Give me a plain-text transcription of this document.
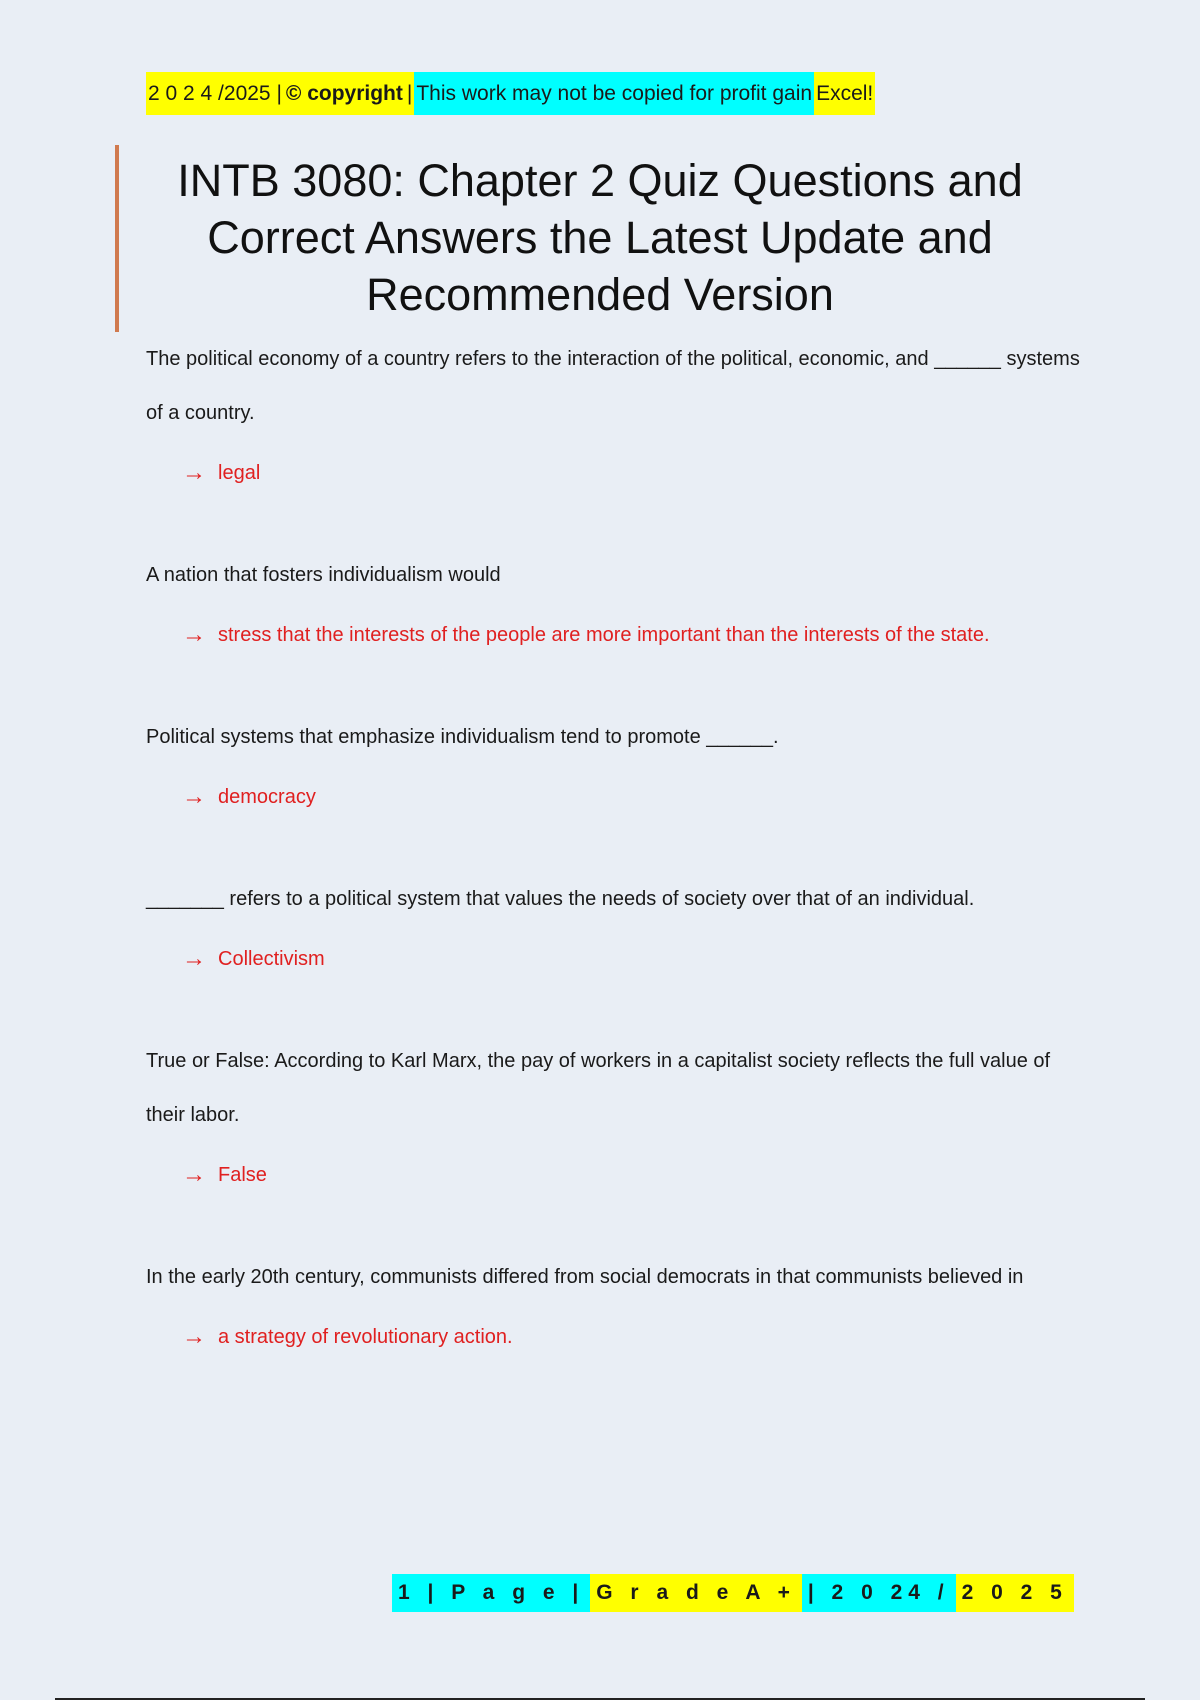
2 0 2 4 /2025 | © copyright | This work may not be copied for profit gain Excel!
INTB 3080: Chapter 2 Quiz Questions and Correct Answers the Latest Update and Recommended Version

The political economy of a country refers to the interaction of the political, economic, and ______ systems of a country.

→ legal

A nation that fosters individualism would

→ stress that the interests of the people are more important than the interests of the state.

Political systems that emphasize individualism tend to promote ______.

→ democracy

_______ refers to a political system that values the needs of society over that of an individual.

→ Collectivism

True or False: According to Karl Marx, the pay of workers in a capitalist society reflects the full value of their labor.

→ False

In the early 20th century, communists differed from social democrats in that communists believed in

→ a strategy of revolutionary action.
1 | P a g e | G r a d e A + | 2 0 24 / 2 0 2 5
